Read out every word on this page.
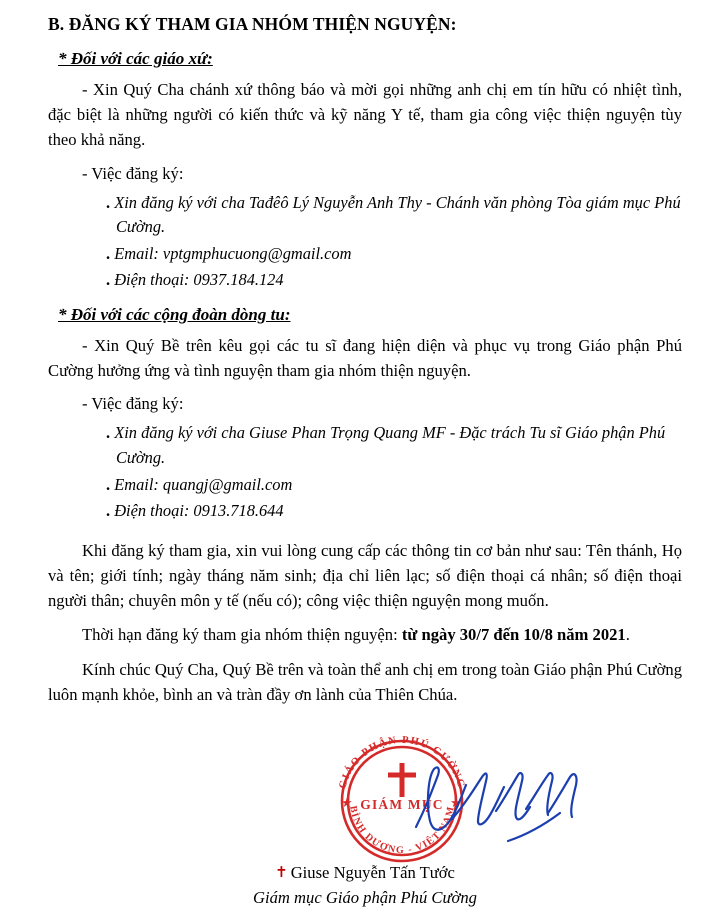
B. ĐĂNG KÝ THAM GIA NHÓM THIỆN NGUYỆN:
* Đối với các giáo xứ:

- Xin Quý Cha chánh xứ thông báo và mời gọi những anh chị em tín hữu có nhiệt tình, đặc biệt là những người có kiến thức và kỹ năng Y tế, tham gia công việc thiện nguyện tùy theo khả năng.

- Việc đăng ký:

. Xin đăng ký với cha Tađêô Lý Nguyễn Anh Thy - Chánh văn phòng Tòa giám mục Phú Cường.

. Email: vptgmphucuong@gmail.com

. Điện thoại: 0937.184.124

* Đối với các cộng đoàn dòng tu:

- Xin Quý Bề trên kêu gọi các tu sĩ đang hiện diện và phục vụ trong Giáo phận Phú Cường hưởng ứng và tình nguyện tham gia nhóm thiện nguyện.

- Việc đăng ký:

. Xin đăng ký với cha Giuse Phan Trọng Quang MF - Đặc trách Tu sĩ Giáo phận Phú Cường.

. Email: quangj@gmail.com

. Điện thoại: 0913.718.644

Khi đăng ký tham gia, xin vui lòng cung cấp các thông tin cơ bản như sau: Tên thánh, Họ và tên; giới tính; ngày tháng năm sinh; địa chỉ liên lạc; số điện thoại cá nhân; số điện thoại người thân; chuyên môn y tế (nếu có); công việc thiện nguyện mong muốn.

Thời hạn đăng ký tham gia nhóm thiện nguyện: từ ngày 30/7 đến 10/8 năm 2021.

Kính chúc Quý Cha, Quý Bề trên và toàn thể anh chị em trong toàn Giáo phận Phú Cường luôn mạnh khỏe, bình an và tràn đầy ơn lành của Thiên Chúa.

★	★
GIÁO PHẬN PHÚ CƯỜNG
BÌNH DƯƠNG - VIỆT NAM
GIÁM MỤC
✝ Giuse Nguyễn Tấn Tước
Giám mục Giáo phận Phú Cường
